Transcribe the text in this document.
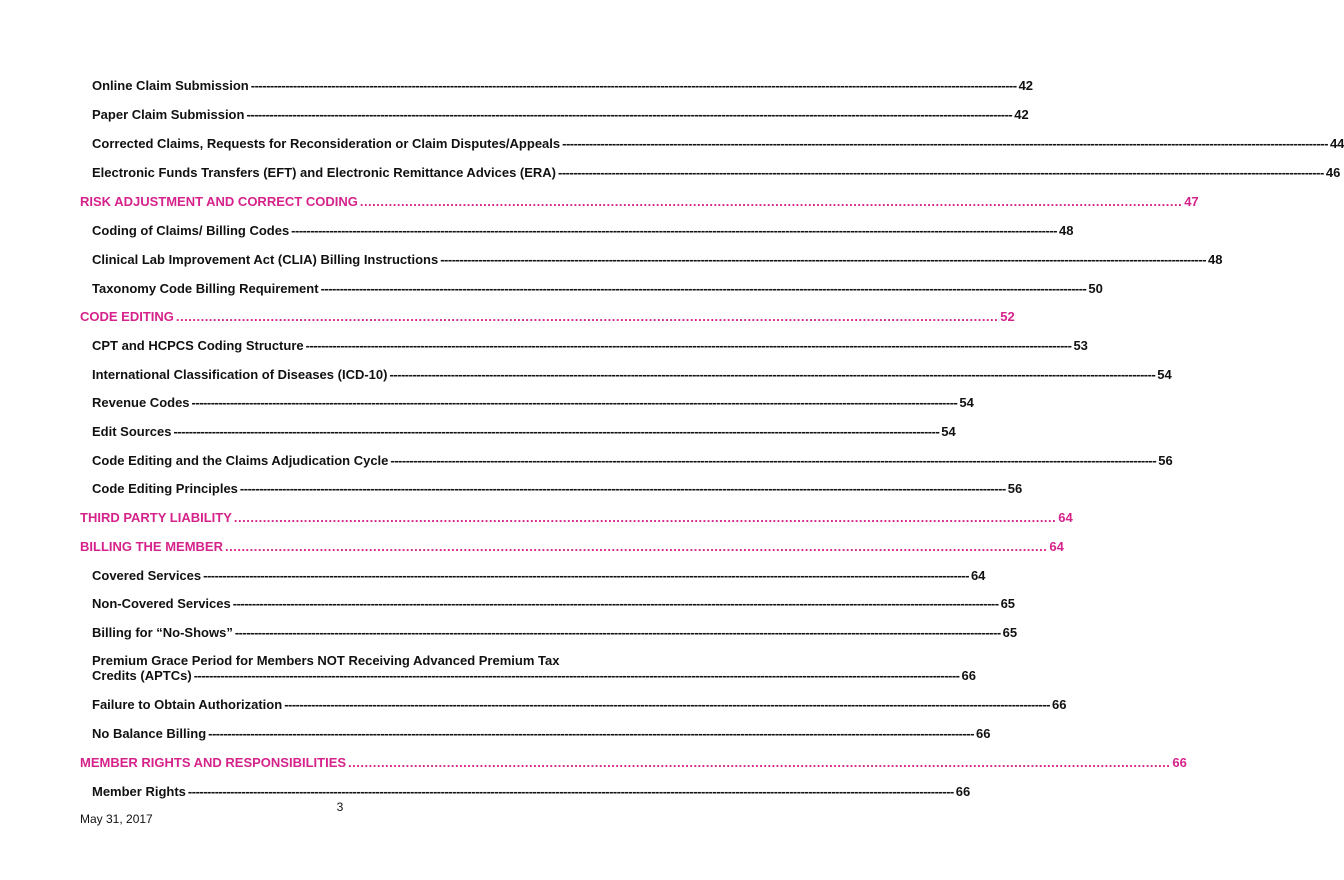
Online Claim Submission -------------------------------------------------------------------------------------------------------------------------------------------------------------------------------------------------------- 42
Paper Claim Submission -------------------------------------------------------------------------------------------------------------------------------------------------------------------------------------------------------- 42
Corrected Claims, Requests for Reconsideration or Claim Disputes/Appeals -------------------------------------------------------------------------------------------------------------------------------------------------------------------------------------------------------- 44
Electronic Funds Transfers (EFT) and Electronic Remittance Advices (ERA) -------------------------------------------------------------------------------------------------------------------------------------------------------------------------------------------------------- 46
RISK ADJUSTMENT AND CORRECT CODING ........................................................................................................................................................................................................ 47
Coding of Claims/ Billing Codes -------------------------------------------------------------------------------------------------------------------------------------------------------------------------------------------------------- 48
Clinical Lab Improvement Act (CLIA) Billing Instructions -------------------------------------------------------------------------------------------------------------------------------------------------------------------------------------------------------- 48
Taxonomy Code Billing Requirement -------------------------------------------------------------------------------------------------------------------------------------------------------------------------------------------------------- 50
CODE EDITING ........................................................................................................................................................................................................ 52
CPT and HCPCS Coding Structure -------------------------------------------------------------------------------------------------------------------------------------------------------------------------------------------------------- 53
International Classification of Diseases (ICD-10) -------------------------------------------------------------------------------------------------------------------------------------------------------------------------------------------------------- 54
Revenue Codes -------------------------------------------------------------------------------------------------------------------------------------------------------------------------------------------------------- 54
Edit Sources -------------------------------------------------------------------------------------------------------------------------------------------------------------------------------------------------------- 54
Code Editing and the Claims Adjudication Cycle -------------------------------------------------------------------------------------------------------------------------------------------------------------------------------------------------------- 56
Code Editing Principles -------------------------------------------------------------------------------------------------------------------------------------------------------------------------------------------------------- 56
THIRD PARTY LIABILITY ........................................................................................................................................................................................................ 64
BILLING THE MEMBER ........................................................................................................................................................................................................ 64
Covered Services -------------------------------------------------------------------------------------------------------------------------------------------------------------------------------------------------------- 64
Non-Covered Services -------------------------------------------------------------------------------------------------------------------------------------------------------------------------------------------------------- 65
Billing for “No-Shows” -------------------------------------------------------------------------------------------------------------------------------------------------------------------------------------------------------- 65
Premium Grace Period for Members NOT Receiving Advanced Premium Tax
Credits (APTCs) -------------------------------------------------------------------------------------------------------------------------------------------------------------------------------------------------------- 66
Failure to Obtain Authorization -------------------------------------------------------------------------------------------------------------------------------------------------------------------------------------------------------- 66
No Balance Billing -------------------------------------------------------------------------------------------------------------------------------------------------------------------------------------------------------- 66
MEMBER RIGHTS AND RESPONSIBILITIES ........................................................................................................................................................................................................ 66
Member Rights -------------------------------------------------------------------------------------------------------------------------------------------------------------------------------------------------------- 66
3
May 31, 2017
